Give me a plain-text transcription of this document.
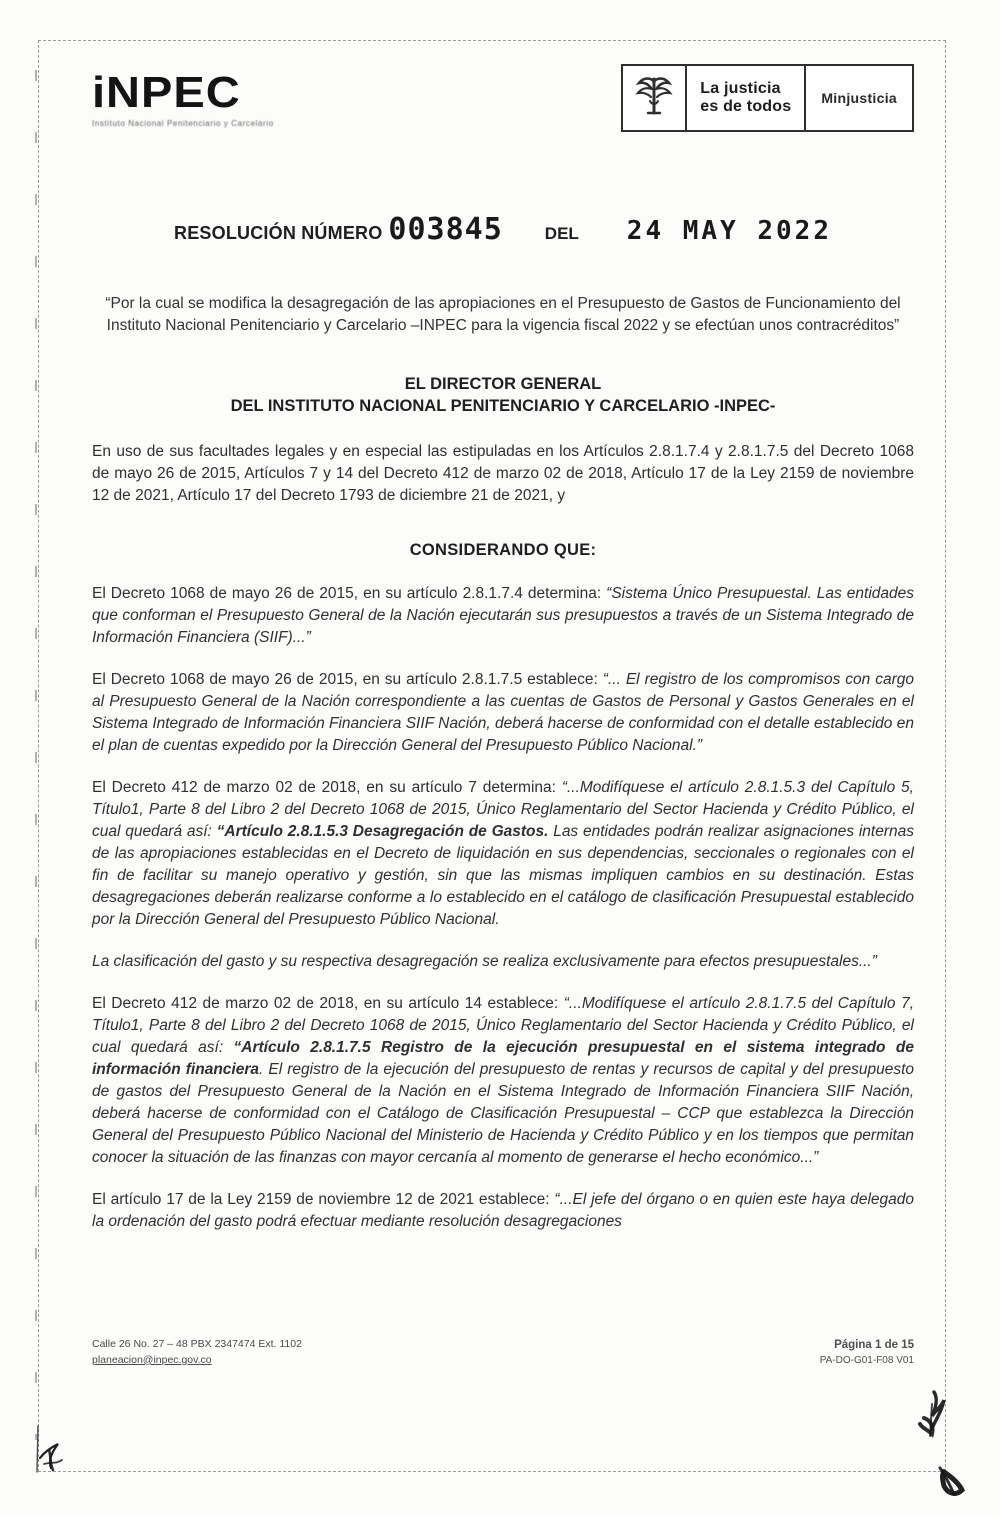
iNPEC
Instituto Nacional Penitenciario y Carcelario
La justicia
es de todos	Minjusticia
RESOLUCIÓN NÚMERO 003845 DEL 24 MAY 2022
“Por la cual se modifica la desagregación de las apropiaciones en el Presupuesto de Gastos de Funcionamiento del Instituto Nacional Penitenciario y Carcelario –INPEC para la vigencia fiscal 2022 y se efectúan unos contracréditos”
EL DIRECTOR GENERAL
DEL INSTITUTO NACIONAL PENITENCIARIO Y CARCELARIO -INPEC-

En uso de sus facultades legales y en especial las estipuladas en los Artículos 2.8.1.7.4 y 2.8.1.7.5 del Decreto 1068 de mayo 26 de 2015, Artículos 7 y 14 del Decreto 412 de marzo 02 de 2018, Artículo 17 de la Ley 2159 de noviembre 12 de 2021, Artículo 17 del Decreto 1793 de diciembre 21 de 2021, y

CONSIDERANDO QUE:

El Decreto 1068 de mayo 26 de 2015, en su artículo 2.8.1.7.4 determina: “Sistema Único Presupuestal. Las entidades que conforman el Presupuesto General de la Nación ejecutarán sus presupuestos a través de un Sistema Integrado de Información Financiera (SIIF)...”

El Decreto 1068 de mayo 26 de 2015, en su artículo 2.8.1.7.5 establece: “... El registro de los compromisos con cargo al Presupuesto General de la Nación correspondiente a las cuentas de Gastos de Personal y Gastos Generales en el Sistema Integrado de Información Financiera SIIF Nación, deberá hacerse de conformidad con el detalle establecido en el plan de cuentas expedido por la Dirección General del Presupuesto Público Nacional.”

El Decreto 412 de marzo 02 de 2018, en su artículo 7 determina: “...Modifíquese el artículo 2.8.1.5.3 del Capítulo 5, Título1, Parte 8 del Libro 2 del Decreto 1068 de 2015, Único Reglamentario del Sector Hacienda y Crédito Público, el cual quedará así: “Artículo 2.8.1.5.3 Desagregación de Gastos. Las entidades podrán realizar asignaciones internas de las apropiaciones establecidas en el Decreto de liquidación en sus dependencias, seccionales o regionales con el fin de facilitar su manejo operativo y gestión, sin que las mismas impliquen cambios en su destinación. Estas desagregaciones deberán realizarse conforme a lo establecido en el catálogo de clasificación Presupuestal establecido por la Dirección General del Presupuesto Público Nacional.

La clasificación del gasto y su respectiva desagregación se realiza exclusivamente para efectos presupuestales...”

El Decreto 412 de marzo 02 de 2018, en su artículo 14 establece: “...Modifíquese el artículo 2.8.1.7.5 del Capítulo 7, Título1, Parte 8 del Libro 2 del Decreto 1068 de 2015, Único Reglamentario del Sector Hacienda y Crédito Público, el cual quedará así: “Artículo 2.8.1.7.5 Registro de la ejecución presupuestal en el sistema integrado de información financiera. El registro de la ejecución del presupuesto de rentas y recursos de capital y del presupuesto de gastos del Presupuesto General de la Nación en el Sistema Integrado de Información Financiera SIIF Nación, deberá hacerse de conformidad con el Catálogo de Clasificación Presupuestal – CCP que establezca la Dirección General del Presupuesto Público Nacional del Ministerio de Hacienda y Crédito Público y en los tiempos que permitan conocer la situación de las finanzas con mayor cercanía al momento de generarse el hecho económico...”

El artículo 17 de la Ley 2159 de noviembre 12 de 2021 establece: “...El jefe del órgano o en quien este haya delegado la ordenación del gasto podrá efectuar mediante resolución desagregaciones

Calle 26 No. 27 – 48 PBX 2347474 Ext. 1102
planeacion@inpec.gov.co
Página 1 de 15
PA-DO-G01-F08 V01
